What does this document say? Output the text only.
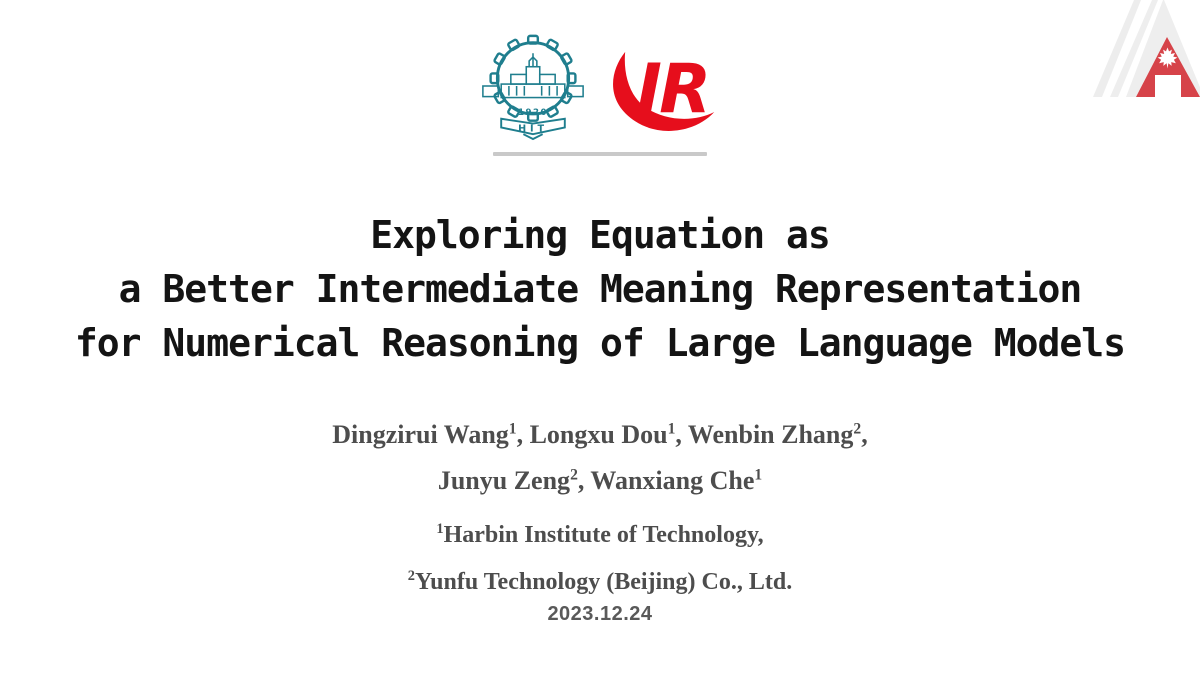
1920
HIT
IR
Exploring Equation as
a Better Intermediate Meaning Representation
for Numerical Reasoning of Large Language Models
Dingzirui Wang$^1$, Longxu Dou$^1$, Wenbin Zhang$^2$,
Junyu Zeng$^2$, Wanxiang Che$^1$
$^1$Harbin Institute of Technology,
$^2$Yunfu Technology (Beijing) Co., Ltd.
2023.12.24
